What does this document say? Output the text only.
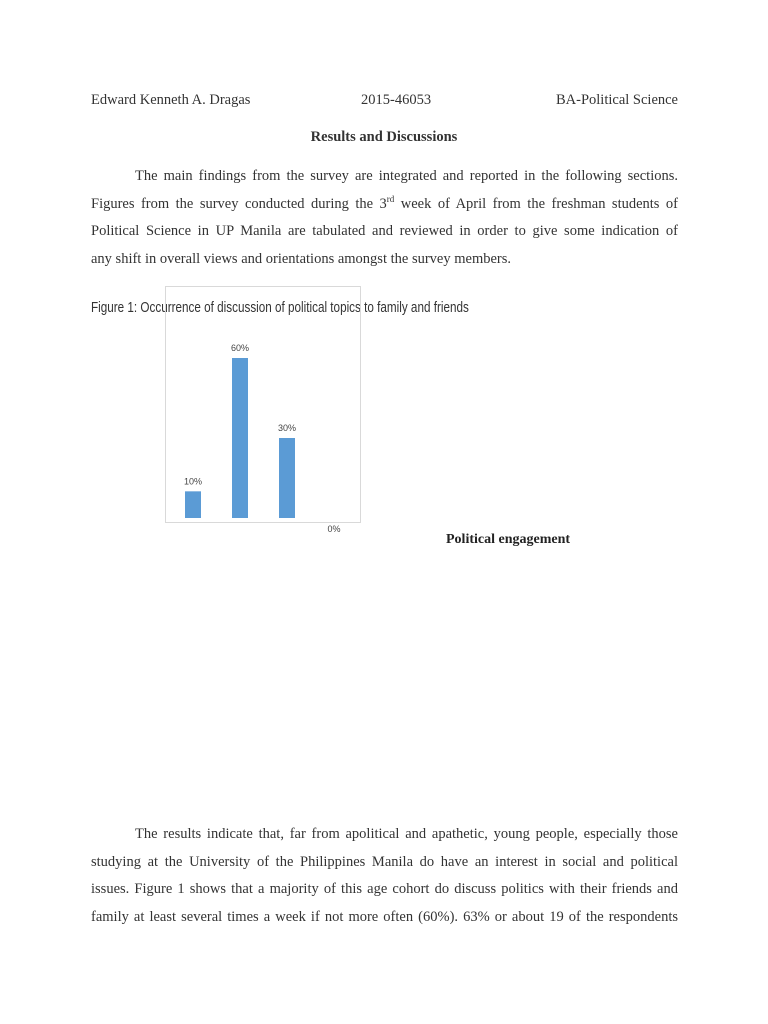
Edward Kenneth A. Dragas	2015-46053	BA-Political Science
Results and Discussions
The main findings from the survey are integrated and reported in the following sections.
Figures from the survey conducted during the 3rd week of April from the freshman students of
Political Science in UP Manila are tabulated and reviewed in order to give some indication of
any shift in overall views and orientations amongst the survey members.
Figure 1: Occurrence of discussion of political topics to family and friends
10%
60%
30%
0%
Political engagement
The results indicate that, far from apolitical and apathetic, young people, especially those
studying at the University of the Philippines Manila do have an interest in social and political
issues. Figure 1 shows that a majority of this age cohort do discuss politics with their friends and
family at least several times a week if not more often (60%). 63% or about 19 of the respondents
